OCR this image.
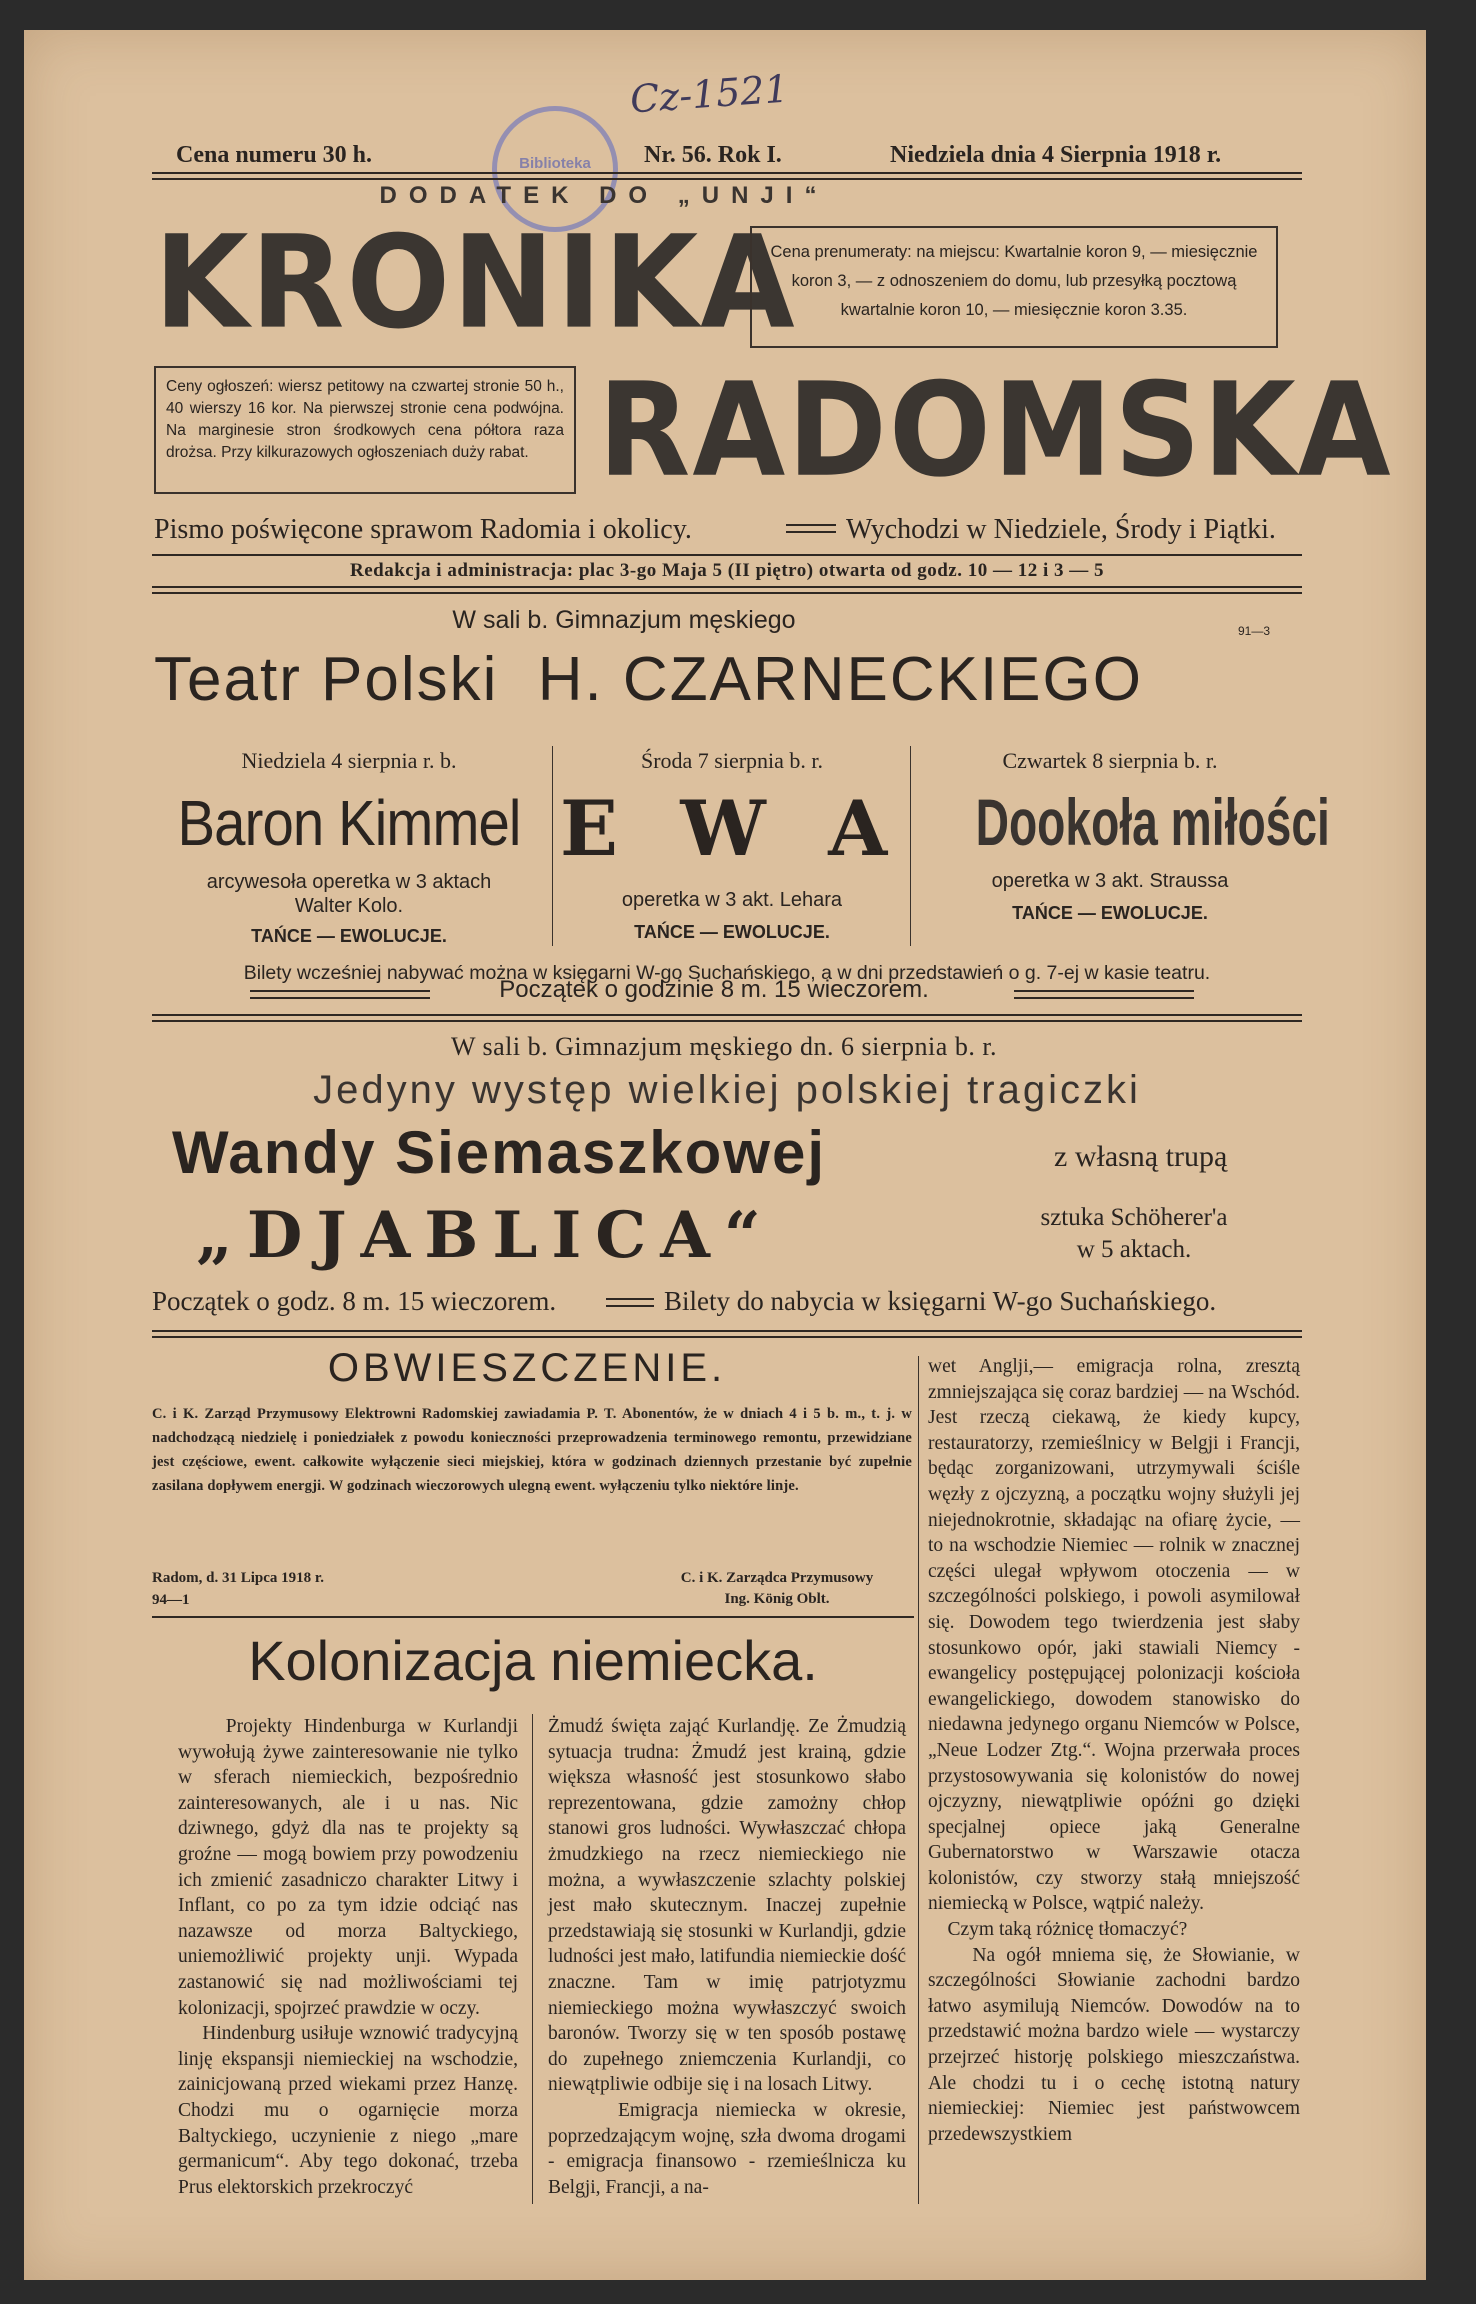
Cz-1521
Biblioteka
Cena numeru 30 h.	Nr. 56. Rok I.	Niedziela dnia 4 Sierpnia 1918 r.
DODATEK DO „UNJI“
KRONIKA
Cena prenumeraty: na miejscu: Kwartalnie koron 9, — miesięcznie koron 3, — z odnoszeniem do domu, lub przesyłką pocztową kwartalnie koron 10, — miesięcznie koron 3.35.
Ceny ogłoszeń: wiersz petitowy na czwartej stronie 50 h., 40 wierszy 16 kor. Na pierwszej stronie cena podwójna. Na marginesie stron środkowych cena półtora raza drożsa. Przy kilkurazowych ogłoszeniach duży rabat. RADOMSKA
Pismo poświęcone sprawom Radomia i okolicy.	Wychodzi w Niedziele, Środy i Piątki.
Redakcja i administracja: plac 3-go Maja 5 (II piętro) otwarta od godz. 10 — 12 i 3 — 5
W sali b. Gimnazjum męskiego	91—3
Teatr Polski H. CZARNECKIEGO
Niedziela 4 sierpnia r. b.
Baron Kimmel
arcywesoła operetka w 3 aktach Walter Kolo.
TAŃCE — EWOLUCJE.
Środa 7 sierpnia b. r.
E W A
operetka w 3 akt. Lehara
TAŃCE — EWOLUCJE.
Czwartek 8 sierpnia b. r.
Dookoła miłości
operetka w 3 akt. Straussa
TAŃCE — EWOLUCJE.
Bilety wcześniej nabywać można w księgarni W-go Suchańskiego, a w dni przedstawień o g. 7-ej w kasie teatru.
Początek o godzinie 8 m. 15 wieczorem.
W sali b. Gimnazjum męskiego dn. 6 sierpnia b. r.
Jedyny występ wielkiej polskiej tragiczki
Wandy Siemaszkowej	z własną trupą
„DJABLICA“	sztuka Schöherer'a
w 5 aktach.
Początek o godz. 8 m. 15 wieczorem.	Bilety do nabycia w księgarni W-go Suchańskiego.
OBWIESZCZENIE.
C. i K. Zarząd Przymusowy Elektrowni Radomskiej zawiadamia P. T. Abonentów, że w dniach 4 i 5 b. m., t. j. w nadchodzącą niedzielę i poniedziałek z powodu konieczności przeprowadzenia terminowego remontu, przewidziane jest częściowe, ewent. całkowite wyłączenie sieci miejskiej, która w godzinach dziennych przestanie być zupełnie zasilana dopływem energji. W godzinach wieczorowych ulegną ewent. wyłączeniu tylko niektóre linje.
Radom, d. 31 Lipca 1918 r.
94—1
C. i K. Zarządca Przymusowy
Ing. König Oblt.
Kolonizacja niemiecka.
Projekty Hindenburga w Kurlandji wywołują żywe zainteresowanie nie tylko w sferach niemieckich, bezpośrednio zainteresowanych, ale i u nas. Nic dziwnego, gdyż dla nas te projekty są groźne — mogą bowiem przy powodzeniu ich zmienić zasadniczo charakter Litwy i Inflant, co po za tym idzie odciąć nas nazawsze od morza Baltyckiego, uniemożliwić projekty unji. Wypada zastanowić się nad możliwościami tej kolonizacji, spojrzeć prawdzie w oczy.
Hindenburg usiłuje wznowić tradycyjną linję ekspansji niemieckiej na wschodzie, zainicjowaną przed wiekami przez Hanzę. Chodzi mu o ogarnięcie morza Baltyckiego, uczynienie z niego „mare germanicum“. Aby tego dokonać, trzeba Prus elektorskich przekroczyć
Żmudź święta zająć Kurlandję. Ze Żmudzią sytuacja trudna: Żmudź jest krainą, gdzie większa własność jest stosunkowo słabo reprezentowana, gdzie zamożny chłop stanowi gros ludności. Wywłaszczać chłopa żmudzkiego na rzecz niemieckiego nie można, a wywłaszczenie szlachty polskiej jest mało skutecznym. Inaczej zupełnie przedstawiają się stosunki w Kurlandji, gdzie ludności jest mało, latifundia niemieckie dość znaczne. Tam w imię patrjotyzmu niemieckiego można wywłaszczyć swoich baronów. Tworzy się w ten sposób postawę do zupełnego zniemczenia Kurlandji, co niewątpliwie odbije się i na losach Litwy.
Emigracja niemiecka w okresie, poprzedzającym wojnę, szła dwoma drogami - emigracja finansowo - rzemieślnicza ku Belgji, Francji, a na-
wet Anglji,— emigracja rolna, zresztą zmniejszająca się coraz bardziej — na Wschód. Jest rzeczą ciekawą, że kiedy kupcy, restauratorzy, rzemieślnicy w Belgji i Francji, będąc zorganizowani, utrzymywali ściśle węzły z ojczyzną, a początku wojny służyli jej niejednokrotnie, składając na ofiarę życie, — to na wschodzie Niemiec — rolnik w znacznej części ulegał wpływom otoczenia — w szczególności polskiego, i powoli asymilował się. Dowodem tego twierdzenia jest słaby stosunkowo opór, jaki stawiali Niemcy - ewangelicy postępującej polonizacji kościoła ewangelickiego, dowodem stanowisko do niedawna jedynego organu Niemców w Polsce, „Neue Lodzer Ztg.“. Wojna przerwała proces przystosowywania się kolonistów do nowej ojczyzny, niewątpliwie opóźni go dzięki specjalnej opiece jaką Generalne Gubernatorstwo w Warszawie otacza kolonistów, czy stworzy stałą mniejszość niemiecką w Polsce, wątpić należy.
Czym taką różnicę tłomaczyć?
Na ogół mniema się, że Słowianie, w szczególności Słowianie zachodni bardzo łatwo asymilują Niemców. Dowodów na to przedstawić można bardzo wiele — wystarczy przejrzeć historję polskiego mieszczaństwa. Ale chodzi tu i o cechę istotną natury niemieckiej: Niemiec jest państwowcem przedewszystkiem
